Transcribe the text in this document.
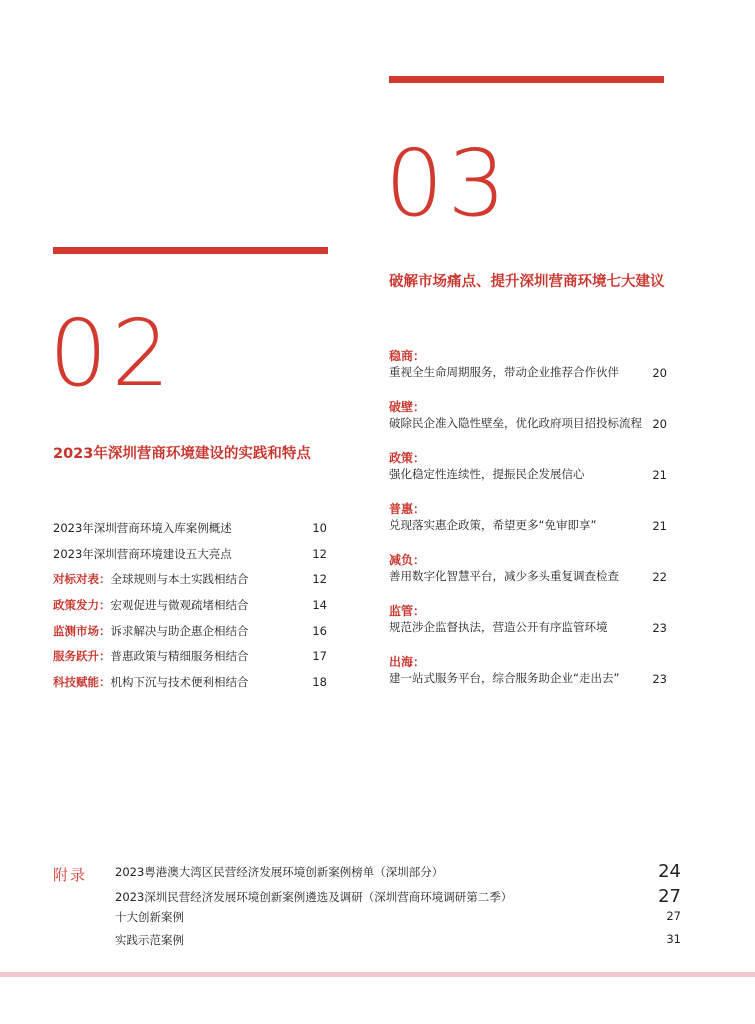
03
破解市场痛点、提升深圳营商环境七大建议
02
2023年深圳营商环境建设的实践和特点
2023年深圳营商环境入库案例概述	10
2023年深圳营商环境建设五大亮点	12
对标对表：全球规则与本土实践相结合	12
政策发力：宏观促进与微观疏堵相结合	14
监测市场：诉求解决与助企惠企相结合	16
服务跃升：普惠政策与精细服务相结合	17
科技赋能：机构下沉与技术便利相结合	18
稳商：
重视全生命周期服务，带动企业推荐合作伙伴	20
破壁：
破除民企准入隐性壁垒，优化政府项目招投标流程 20
政策：
强化稳定性连续性，提振民企发展信心	21
普惠：
兑现落实惠企政策，希望更多“免审即享”	21
减负：
善用数字化智慧平台，减少多头重复调查检查	22
监管：
规范涉企监督执法，营造公开有序监管环境	23
出海：
建一站式服务平台，综合服务助企业“走出去”	23
附录 2023粤港澳大湾区民营经济发展环境创新案例榜单（深圳部分）	24
2023深圳民营经济发展环境创新案例遴选及调研（深圳营商环境调研第二季）	27
十大创新案例	27
实践示范案例	31
